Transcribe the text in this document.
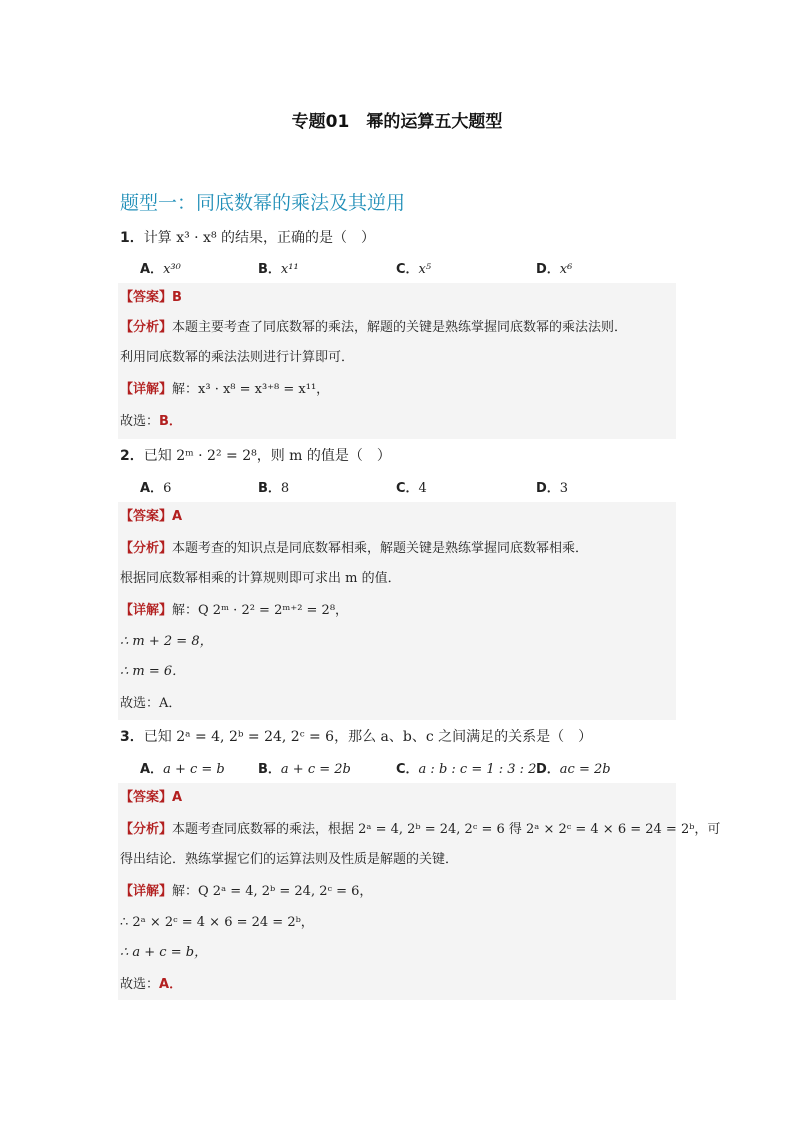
专题01　幂的运算五大题型
题型一：同底数幂的乘法及其逆用
1．计算 x³ · x⁸ 的结果，正确的是（　）
A．x³⁰	B．x¹¹	C．x⁵	D．x⁶
【答案】B
【分析】本题主要考查了同底数幂的乘法，解题的关键是熟练掌握同底数幂的乘法法则．
利用同底数幂的乘法法则进行计算即可．
【详解】解：x³ · x⁸ = x³⁺⁸ = x¹¹，
故选：B．
2．已知 2ᵐ · 2² = 2⁸，则 m 的值是（　）
A．6	B．8	C．4	D．3
【答案】A
【分析】本题考查的知识点是同底数幂相乘，解题关键是熟练掌握同底数幂相乘．
根据同底数幂相乘的计算规则即可求出 m 的值．
【详解】解：Q 2ᵐ · 2² = 2ᵐ⁺² = 2⁸，
∴ m + 2 = 8，
∴ m = 6．
故选：A．
3．已知 2ᵃ = 4, 2ᵇ = 24, 2ᶜ = 6，那么 a、b、c 之间满足的关系是（　）
A．a + c = b	B．a + c = 2b	C．a : b : c = 1 : 3 : 2 D．ac = 2b
【答案】A
【分析】本题考查同底数幂的乘法，根据 2ᵃ = 4, 2ᵇ = 24, 2ᶜ = 6 得 2ᵃ × 2ᶜ = 4 × 6 = 24 = 2ᵇ，可
得出结论．熟练掌握它们的运算法则及性质是解题的关键．
【详解】解：Q 2ᵃ = 4, 2ᵇ = 24, 2ᶜ = 6，
∴ 2ᵃ × 2ᶜ = 4 × 6 = 24 = 2ᵇ，
∴ a + c = b，
故选：A．
